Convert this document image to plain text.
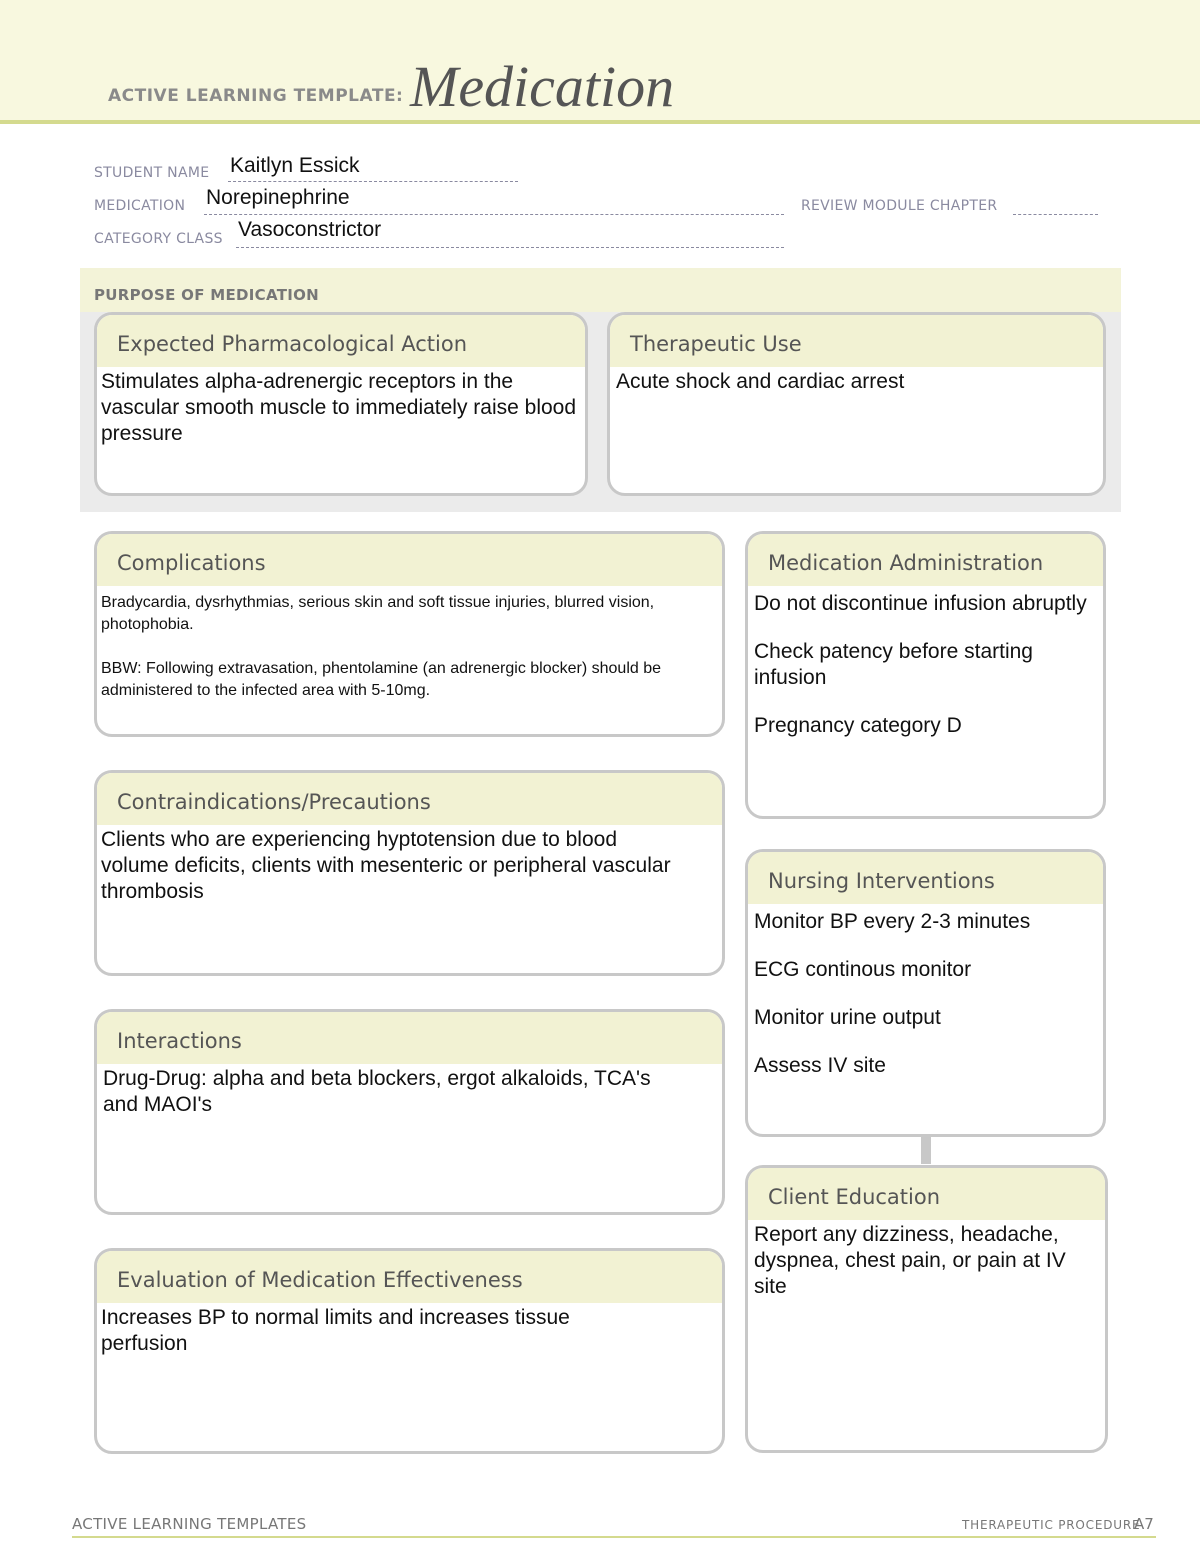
ACTIVE LEARNING TEMPLATE: Medication
STUDENT NAME Kaitlyn Essick
MEDICATION Norepinephrine	REVIEW MODULE CHAPTER
CATEGORY CLASS Vasoconstrictor
PURPOSE OF MEDICATION
Expected Pharmacological Action
Stimulates alpha-adrenergic receptors in the vascular smooth muscle to immediately raise blood pressure
Therapeutic Use
Acute shock and cardiac arrest
Complications
Bradycardia, dysrhythmias, serious skin and soft tissue injuries, blurred vision, photophobia.
BBW: Following extravasation, phentolamine (an adrenergic blocker) should be administered to the infected area with 5-10mg.
Medication Administration
Do not discontinue infusion abruptly
Check patency before starting infusion
Pregnancy category D
Contraindications/Precautions
Clients who are experiencing hyptotension due to blood volume deficits, clients with mesenteric or peripheral vascular thrombosis	Nursing Interventions
Monitor BP every 2-3 minutes
ECG continous monitor
Monitor urine output
Assess IV site
Interactions
Drug-Drug: alpha and beta blockers, ergot alkaloids, TCA's and MAOI's
Client Education
Report any dizziness, headache, dyspnea, chest pain, or pain at IV site
Evaluation of Medication Effectiveness
Increases BP to normal limits and increases tissue perfusion
ACTIVE LEARNING TEMPLATES	THERAPEUTIC PROCEDURE
A7
